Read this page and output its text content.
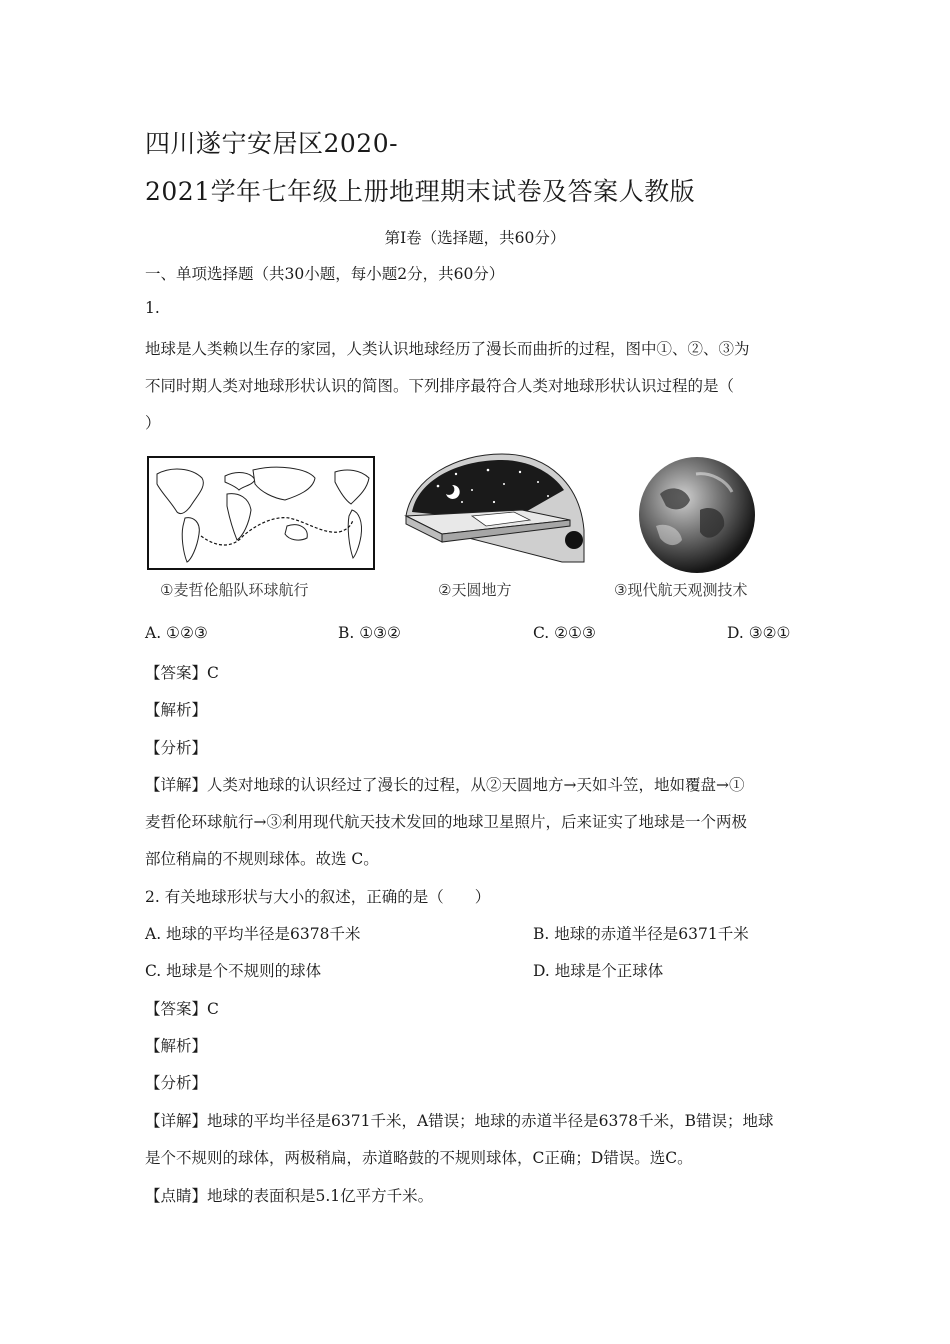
四川遂宁安居区2020-
2021学年七年级上册地理期末试卷及答案人教版
第Ⅰ卷（选择题，共60分）
一、单项选择题（共30小题，每小题2分，共60分）
1.
地球是人类赖以生存的家园，人类认识地球经历了漫长而曲折的过程，图中①、②、③为
不同时期人类对地球形状认识的简图。下列排序最符合人类对地球形状认识过程的是（
）
①麦哲伦船队环球航行	②天圆地方	③现代航天观测技术
A. ①②③	B. ①③②	C. ②①③	D. ③②①
【答案】C
【解析】
【分析】
【详解】人类对地球的认识经过了漫长的过程，从②天圆地方→天如斗笠，地如覆盘→①
麦哲伦环球航行→③利用现代航天技术发回的地球卫星照片，后来证实了地球是一个两极
部位稍扁的不规则球体。故选 C。
2. 有关地球形状与大小的叙述，正确的是（　　）
A. 地球的平均半径是6378千米	B. 地球的赤道半径是6371千米
C. 地球是个不规则的球体	D. 地球是个正球体
【答案】C
【解析】
【分析】
【详解】地球的平均半径是6371千米，A错误；地球的赤道半径是6378千米，B错误；地球
是个不规则的球体，两极稍扁，赤道略鼓的不规则球体，C正确；D错误。选C。
【点睛】地球的表面积是5.1亿平方千米。
